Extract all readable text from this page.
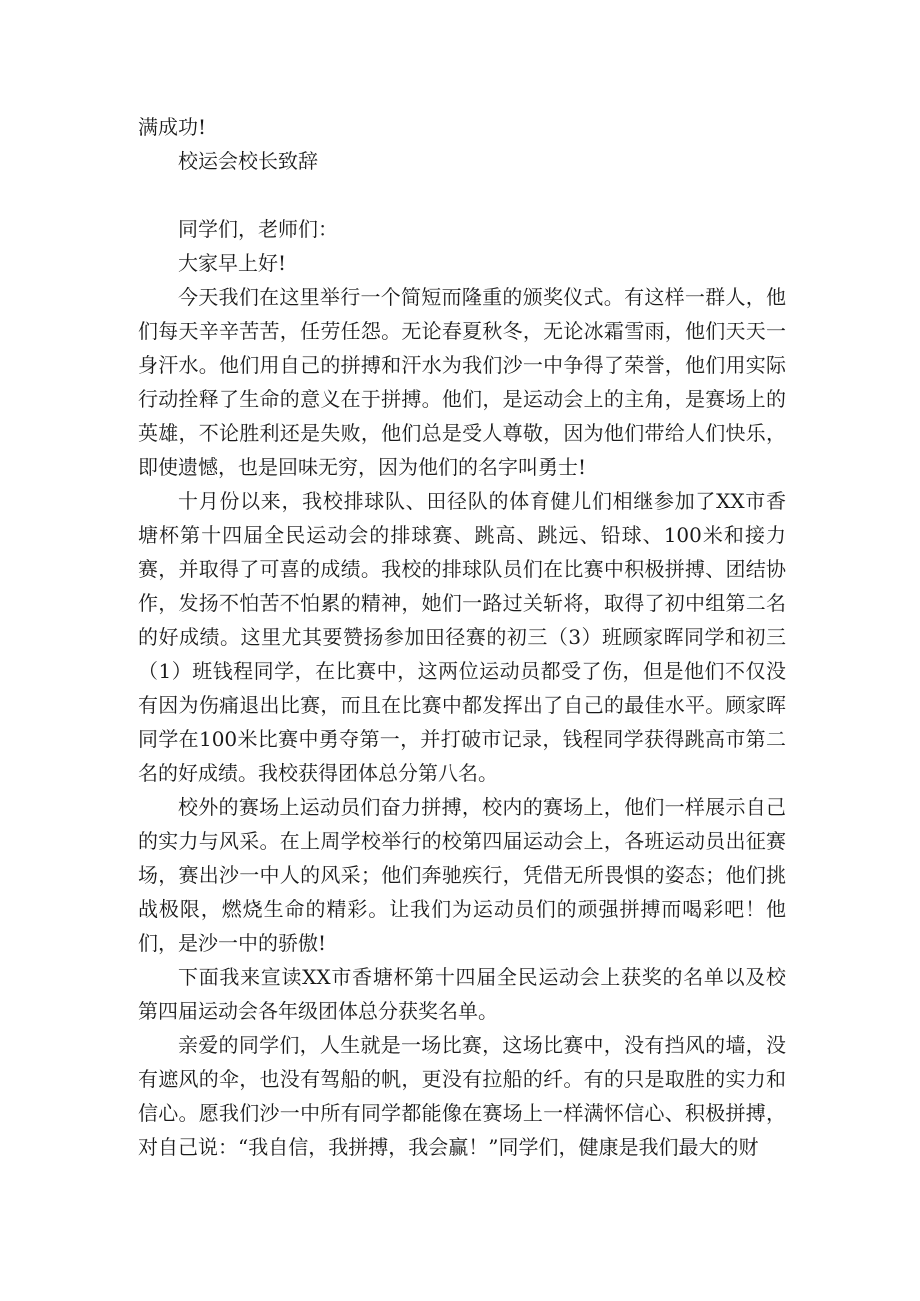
满成功!

校运会校长致辞

同学们，老师们：

大家早上好!

今天我们在这里举行一个简短而隆重的颁奖仪式。有这样一群人，他们每天辛辛苦苦，任劳任怨。无论春夏秋冬，无论冰霜雪雨，他们天天一身汗水。他们用自己的拼搏和汗水为我们沙一中争得了荣誉，他们用实际行动拴释了生命的意义在于拼搏。他们，是运动会上的主角，是赛场上的英雄，不论胜利还是失败，他们总是受人尊敬，因为他们带给人们快乐，即使遗憾，也是回味无穷，因为他们的名字叫勇士!

十月份以来，我校排球队、田径队的体育健儿们相继参加了XX市香塘杯第十四届全民运动会的排球赛、跳高、跳远、铅球、100米和接力赛，并取得了可喜的成绩。我校的排球队员们在比赛中积极拼搏、团结协作，发扬不怕苦不怕累的精神，她们一路过关斩将，取得了初中组第二名的好成绩。这里尤其要赞扬参加田径赛的初三（3）班顾家晖同学和初三（1）班钱程同学，在比赛中，这两位运动员都受了伤，但是他们不仅没有因为伤痛退出比赛，而且在比赛中都发挥出了自己的最佳水平。顾家晖同学在100米比赛中勇夺第一，并打破市记录，钱程同学获得跳高市第二名的好成绩。我校获得团体总分第八名。

校外的赛场上运动员们奋力拼搏，校内的赛场上，他们一样展示自己的实力与风采。在上周学校举行的校第四届运动会上，各班运动员出征赛场，赛出沙一中人的风采；他们奔驰疾行，凭借无所畏惧的姿态；他们挑战极限，燃烧生命的精彩。让我们为运动员们的顽强拼搏而喝彩吧！他们，是沙一中的骄傲!

下面我来宣读XX市香塘杯第十四届全民运动会上获奖的名单以及校第四届运动会各年级团体总分获奖名单。

亲爱的同学们，人生就是一场比赛，这场比赛中，没有挡风的墙，没有遮风的伞，也没有驾船的帆，更没有拉船的纤。有的只是取胜的实力和信心。愿我们沙一中所有同学都能像在赛场上一样满怀信心、积极拼搏，对自己说：“我自信，我拼搏，我会赢！”同学们，健康是我们最大的财
